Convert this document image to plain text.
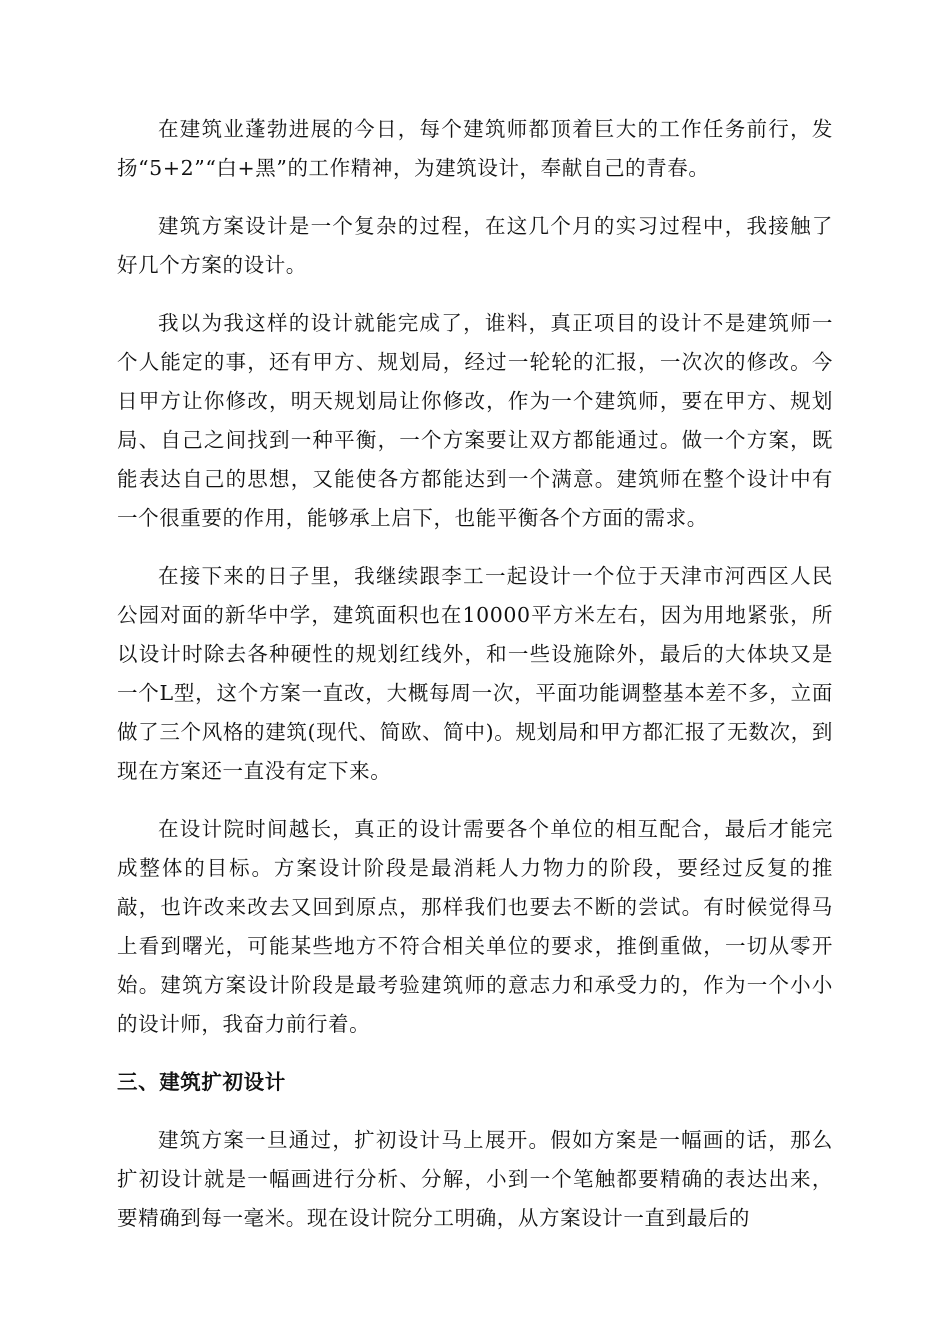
在建筑业蓬勃进展的今日，每个建筑师都顶着巨大的工作任务前行，发扬“5+2”“白+黑”的工作精神，为建筑设计，奉献自己的青春。

建筑方案设计是一个复杂的过程，在这几个月的实习过程中，我接触了好几个方案的设计。

我以为我这样的设计就能完成了，谁料，真正项目的设计不是建筑师一个人能定的事，还有甲方、规划局，经过一轮轮的汇报，一次次的修改。今日甲方让你修改，明天规划局让你修改，作为一个建筑师，要在甲方、规划局、自己之间找到一种平衡，一个方案要让双方都能通过。做一个方案，既能表达自己的思想，又能使各方都能达到一个满意。建筑师在整个设计中有一个很重要的作用，能够承上启下，也能平衡各个方面的需求。

在接下来的日子里，我继续跟李工一起设计一个位于天津市河西区人民公园对面的新华中学，建筑面积也在10000平方米左右，因为用地紧张，所以设计时除去各种硬性的规划红线外，和一些设施除外，最后的大体块又是一个L型，这个方案一直改，大概每周一次，平面功能调整基本差不多，立面做了三个风格的建筑(现代、简欧、简中)。规划局和甲方都汇报了无数次，到现在方案还一直没有定下来。

在设计院时间越长，真正的设计需要各个单位的相互配合，最后才能完成整体的目标。方案设计阶段是最消耗人力物力的阶段，要经过反复的推敲，也许改来改去又回到原点，那样我们也要去不断的尝试。有时候觉得马上看到曙光，可能某些地方不符合相关单位的要求，推倒重做，一切从零开始。建筑方案设计阶段是最考验建筑师的意志力和承受力的，作为一个小小的设计师，我奋力前行着。

三、建筑扩初设计

建筑方案一旦通过，扩初设计马上展开。假如方案是一幅画的话，那么扩初设计就是一幅画进行分析、分解，小到一个笔触都要精确的表达出来，要精确到每一毫米。现在设计院分工明确，从方案设计一直到最后的
